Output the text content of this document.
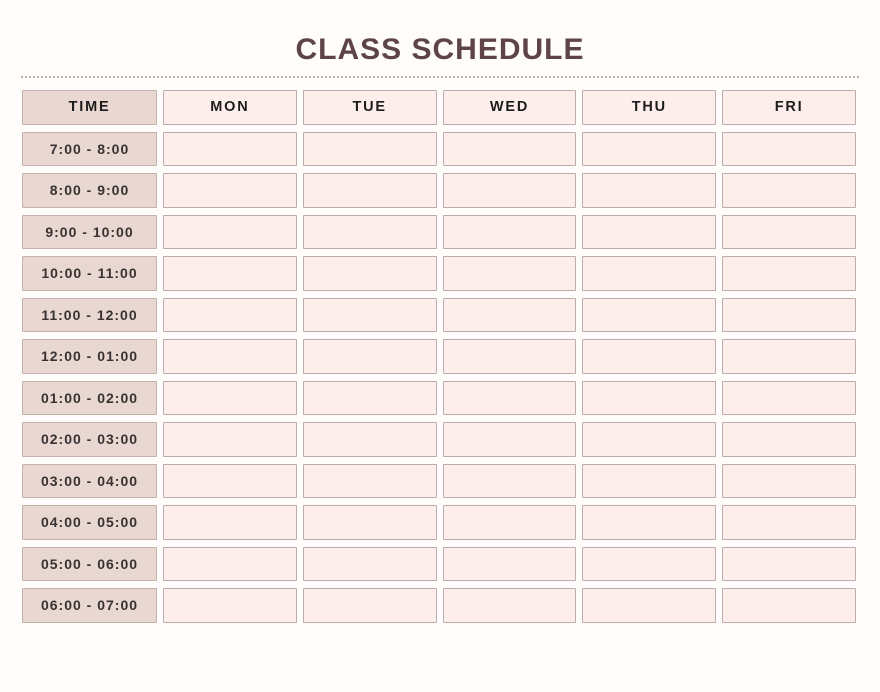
CLASS SCHEDULE
TIME	MON	TUE	WED	THU	FRI
7:00 - 8:00
8:00 - 9:00
9:00 - 10:00
10:00 - 11:00
11:00 - 12:00
12:00 - 01:00
01:00 - 02:00
02:00 - 03:00
03:00 - 04:00
04:00 - 05:00
05:00 - 06:00
06:00 - 07:00
